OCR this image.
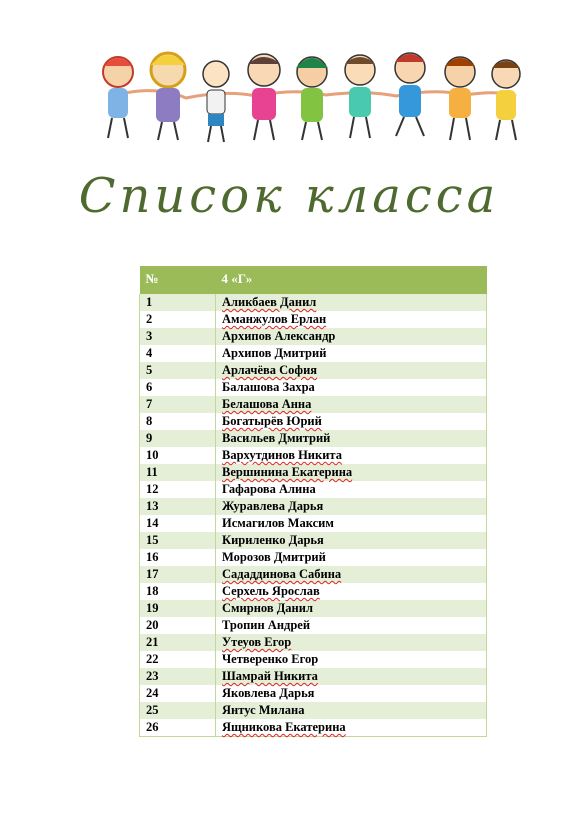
Список класса
№	4 «Г»
1	Аликбаев Данил
2	Аманжулов Ерлан
3	Архипов Александр
4	Архипов Дмитрий
5	Арлачёва София
6	Балашова Захра
7	Белашова Анна
8	Богатырёв Юрий
9	Васильев Дмитрий
10	Вархутдинов Никита
11	Вершинина Екатерина
12	Гафарова Алина
13	Журавлева Дарья
14	Исмагилов Максим
15	Кириленко Дарья
16	Морозов Дмитрий
17	Сададдинова Сабина
18	Серхель Ярослав
19	Смирнов Данил
20	Тропин Андрей
21	Утеуов Егор
22	Четверенко Егор
23	Шамрай Никита
24	Яковлева Дарья
25	Янтус Милана
26	Ящникова Екатерина
